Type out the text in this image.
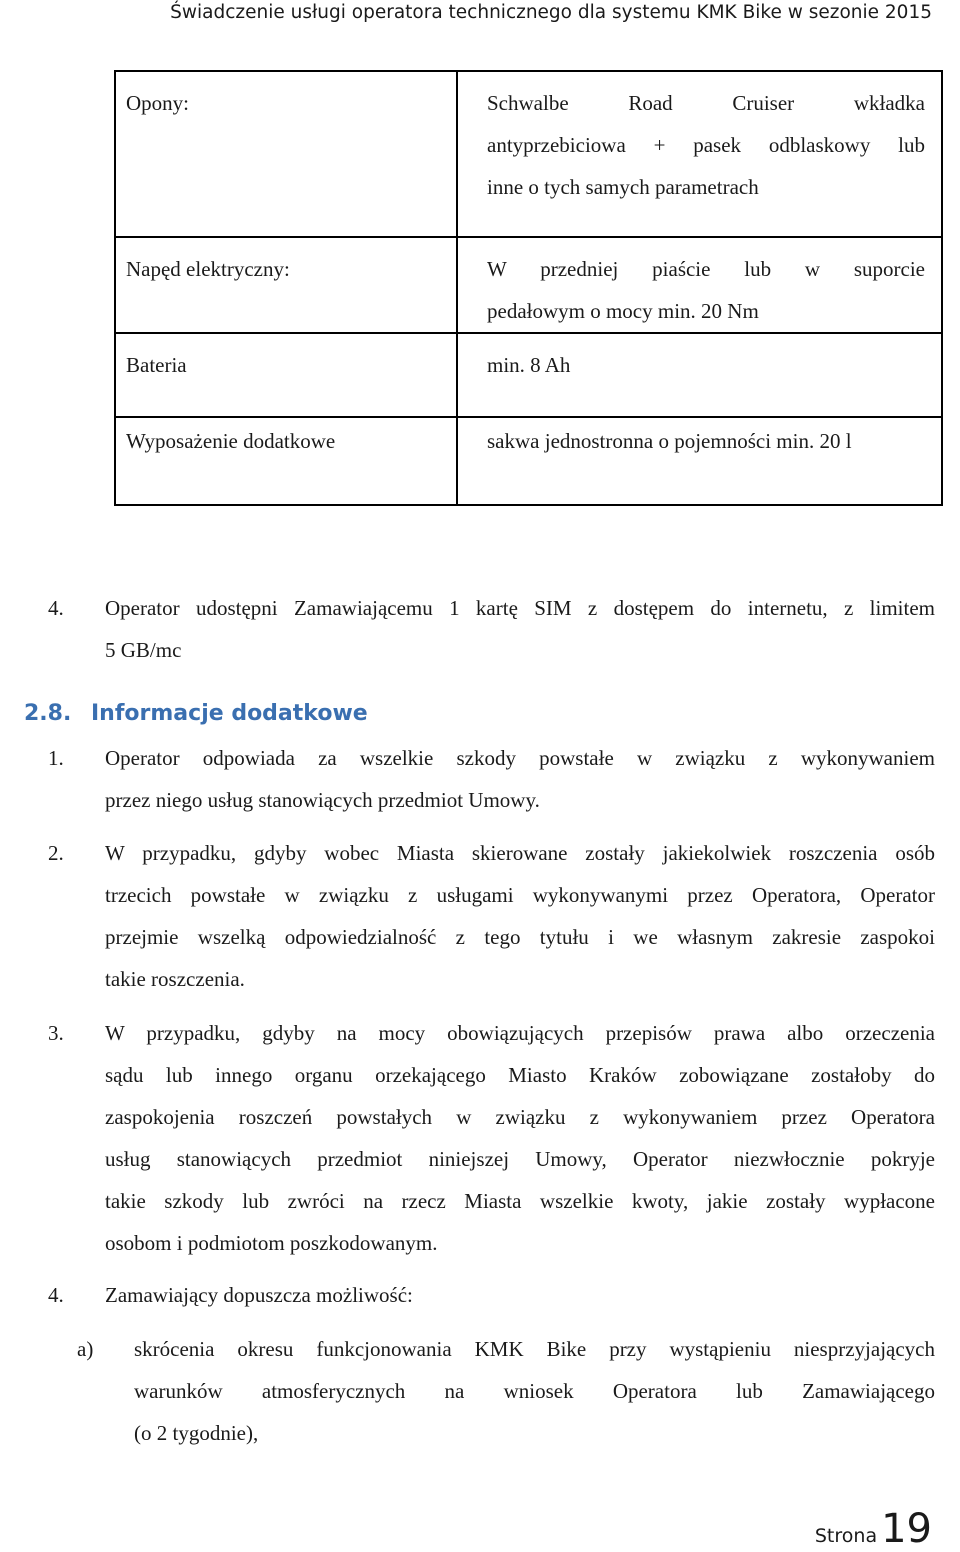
Świadczenie usługi operatora technicznego dla systemu KMK Bike w sezonie 2015
Opony:	Schwalbe Road Cruiser wkładka
antyprzebiciowa + pasek odblaskowy lub
inne o tych samych parametrach

Napęd elektryczny:	W przedniej piaście lub w suporcie
pedałowym o mocy min. 20 Nm

Bateria	min. 8 Ah

Wyposażenie dodatkowe	sakwa jednostronna o pojemności min. 20 l
4. Operator udostępni Zamawiającemu 1 kartę SIM z dostępem do internetu, z limitem
5 GB/mc
2.8. Informacje dodatkowe
1. Operator odpowiada za wszelkie szkody powstałe w związku z wykonywaniem
przez niego usług stanowiących przedmiot Umowy.
2. W przypadku, gdyby wobec Miasta skierowane zostały jakiekolwiek roszczenia osób
trzecich powstałe w związku z usługami wykonywanymi przez Operatora, Operator
przejmie wszelką odpowiedzialność z tego tytułu i we własnym zakresie zaspokoi
takie roszczenia.
3. W przypadku, gdyby na mocy obowiązujących przepisów prawa albo orzeczenia
sądu lub innego organu orzekającego Miasto Kraków zobowiązane zostałoby do
zaspokojenia roszczeń powstałych w związku z wykonywaniem przez Operatora
usług stanowiących przedmiot niniejszej Umowy, Operator niezwłocznie pokryje
takie szkody lub zwróci na rzecz Miasta wszelkie kwoty, jakie zostały wypłacone
osobom i podmiotom poszkodowanym.
4. Zamawiający dopuszcza możliwość:
a) skrócenia okresu funkcjonowania KMK Bike przy wystąpieniu niesprzyjających
warunków atmosferycznych na wniosek Operatora lub Zamawiającego
(o 2 tygodnie),
Strona 19
